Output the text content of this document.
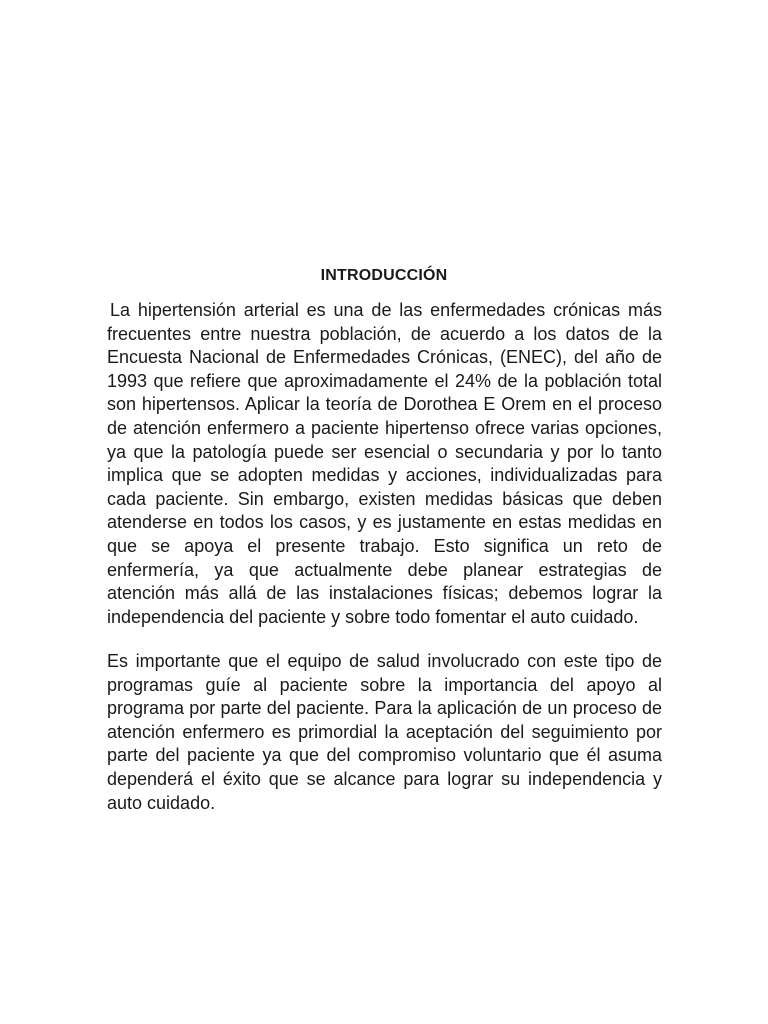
INTRODUCCIÓN

La hipertensión arterial es una de las enfermedades crónicas más frecuentes entre nuestra población, de acuerdo a los datos de la Encuesta Nacional de Enfermedades Crónicas, (ENEC), del año de 1993 que refiere que aproximadamente el 24% de la población total son hipertensos. Aplicar la teoría de Dorothea E Orem en el proceso de atención enfermero a paciente hipertenso ofrece varias opciones, ya que la patología puede ser esencial o secundaria y por lo tanto implica que se adopten medidas y acciones, individualizadas para cada paciente. Sin embargo, existen medidas básicas que deben atenderse en todos los casos, y es justamente en estas medidas en que se apoya el presente trabajo. Esto significa un reto de enfermería, ya que actualmente debe planear estrategias de atención más allá de las instalaciones físicas; debemos lograr la independencia del paciente y sobre todo fomentar el auto cuidado.

Es importante que el equipo de salud involucrado con este tipo de programas guíe al paciente sobre la importancia del apoyo al programa por parte del paciente. Para la aplicación de un proceso de atención enfermero es primordial la aceptación del seguimiento por parte del paciente ya que del compromiso voluntario que él asuma dependerá el éxito que se alcance para lograr su independencia y auto cuidado.
